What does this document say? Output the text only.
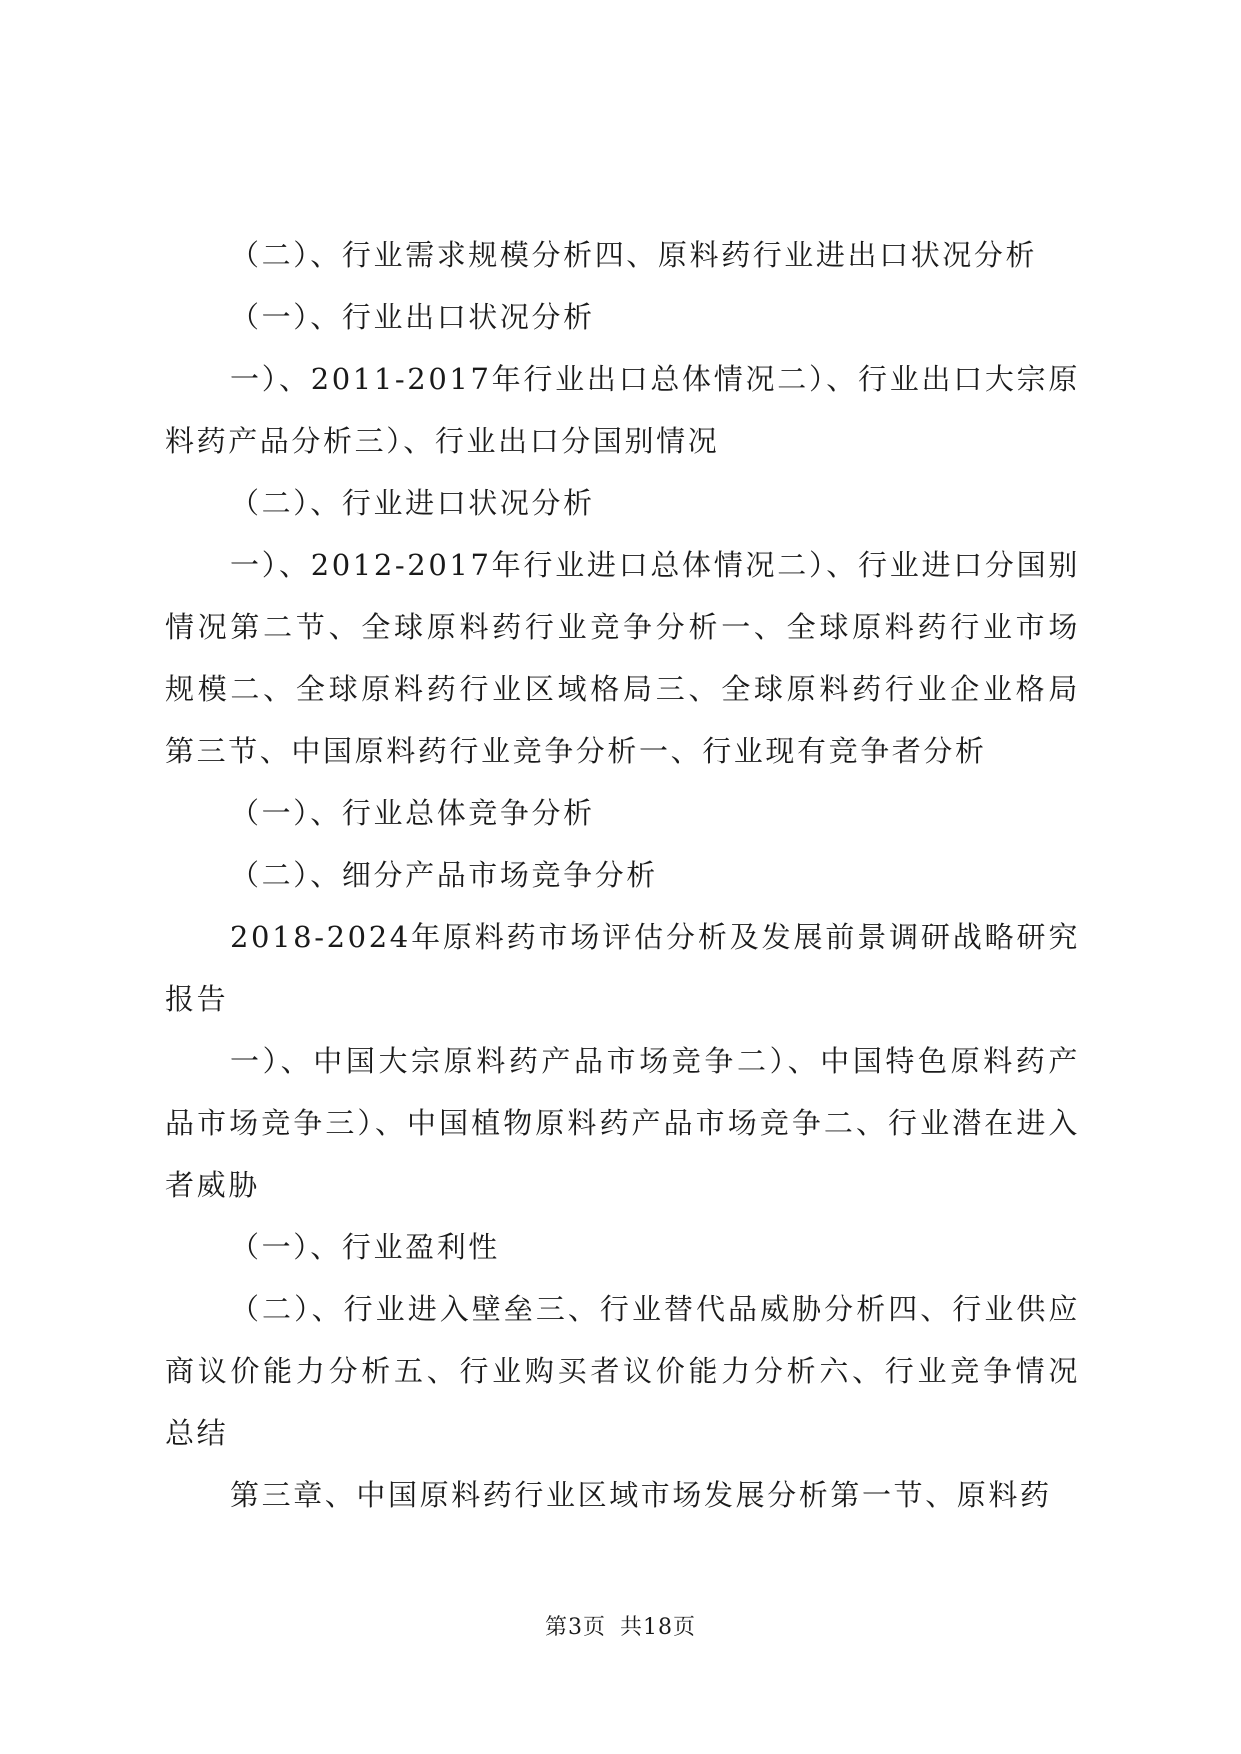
（二）、行业需求规模分析四、原料药行业进出口状况分析

（一）、行业出口状况分析

一）、2011-2017年行业出口总体情况二）、行业出口大宗原料药产品分析三）、行业出口分国别情况

（二）、行业进口状况分析

一）、2012-2017年行业进口总体情况二）、行业进口分国别情况第二节、全球原料药行业竞争分析一、全球原料药行业市场规模二、全球原料药行业区域格局三、全球原料药行业企业格局第三节、中国原料药行业竞争分析一、行业现有竞争者分析

（一）、行业总体竞争分析

（二）、细分产品市场竞争分析

2018-2024年原料药市场评估分析及发展前景调研战略研究报告

一）、中国大宗原料药产品市场竞争二）、中国特色原料药产品市场竞争三）、中国植物原料药产品市场竞争二、行业潜在进入者威胁

（一）、行业盈利性

（二）、行业进入壁垒三、行业替代品威胁分析四、行业供应商议价能力分析五、行业购买者议价能力分析六、行业竞争情况总结

第三章、中国原料药行业区域市场发展分析第一节、原料药

第3页 共18页
